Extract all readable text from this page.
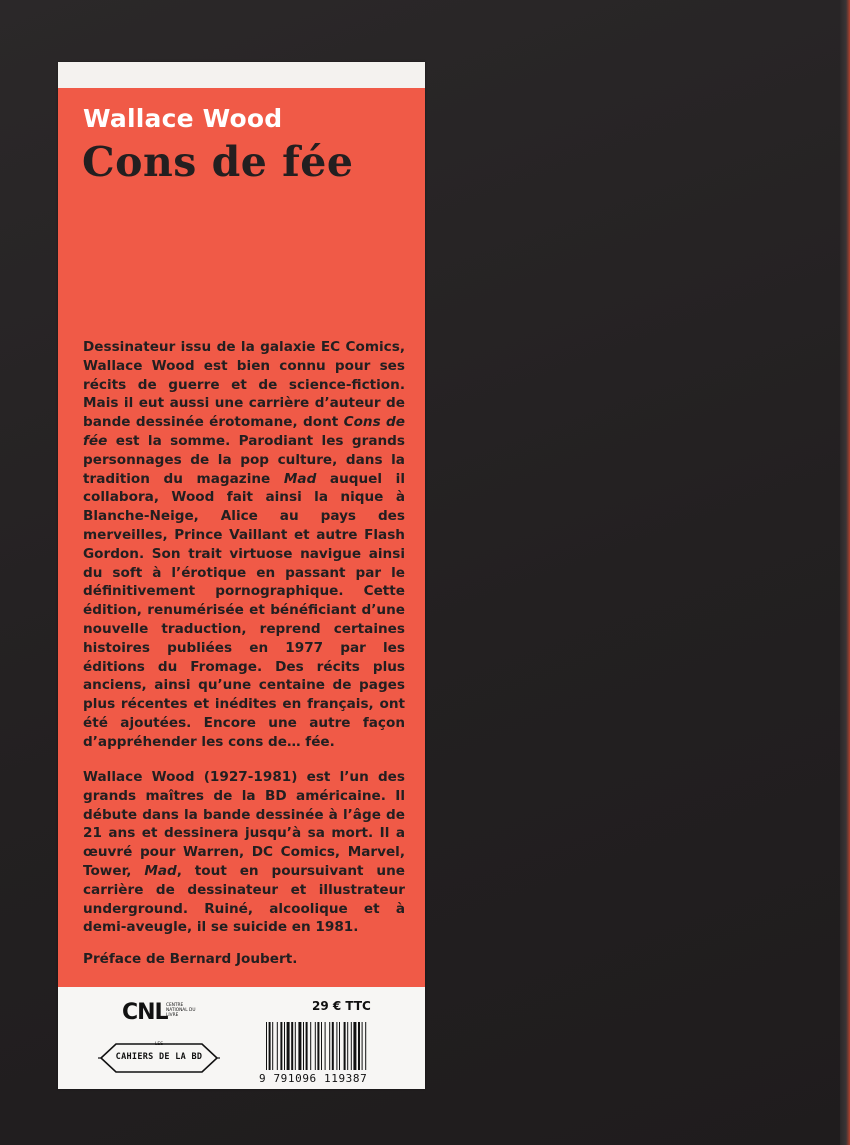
Wallace Wood
Cons de fée

Dessinateur issu de la galaxie EC Comics, Wallace Wood est bien connu pour ses récits de guerre et de science-fiction. Mais il eut aussi une carrière d’auteur de bande dessinée érotomane, dont Cons de fée est la somme. Parodiant les grands personnages de la pop culture, dans la tradition du magazine Mad auquel il collabora, Wood fait ainsi la nique à Blanche-Neige, Alice au pays des merveilles, Prince Vaillant et autre Flash Gordon. Son trait virtuose navigue ainsi du soft à l’érotique en passant par le définitivement pornographique. Cette édition, renumérisée et bénéficiant d’une nouvelle traduction, reprend certaines histoires publiées en 1977 par les éditions du Fromage. Des récits plus anciens, ainsi qu’une centaine de pages plus récentes et inédites en français, ont été ajoutées. Encore une autre façon d’appréhender les cons de… fée.

Wallace Wood (1927-1981) est l’un des grands maîtres de la BD américaine. Il débute dans la bande dessinée à l’âge de 21 ans et dessinera jusqu’à sa mort. Il a œuvré pour Warren, DC Comics, Marvel, Tower, Mad, tout en poursuivant une carrière de dessinateur et illustrateur underground. Ruiné, alcoolique et à demi-aveugle, il se suicide en 1981.

Préface de Bernard Joubert.

CNL
CENTRE NATIONAL DU LIVRE
LES
CAHIERS DE LA BD
29 € TTC
9 791096 119387
